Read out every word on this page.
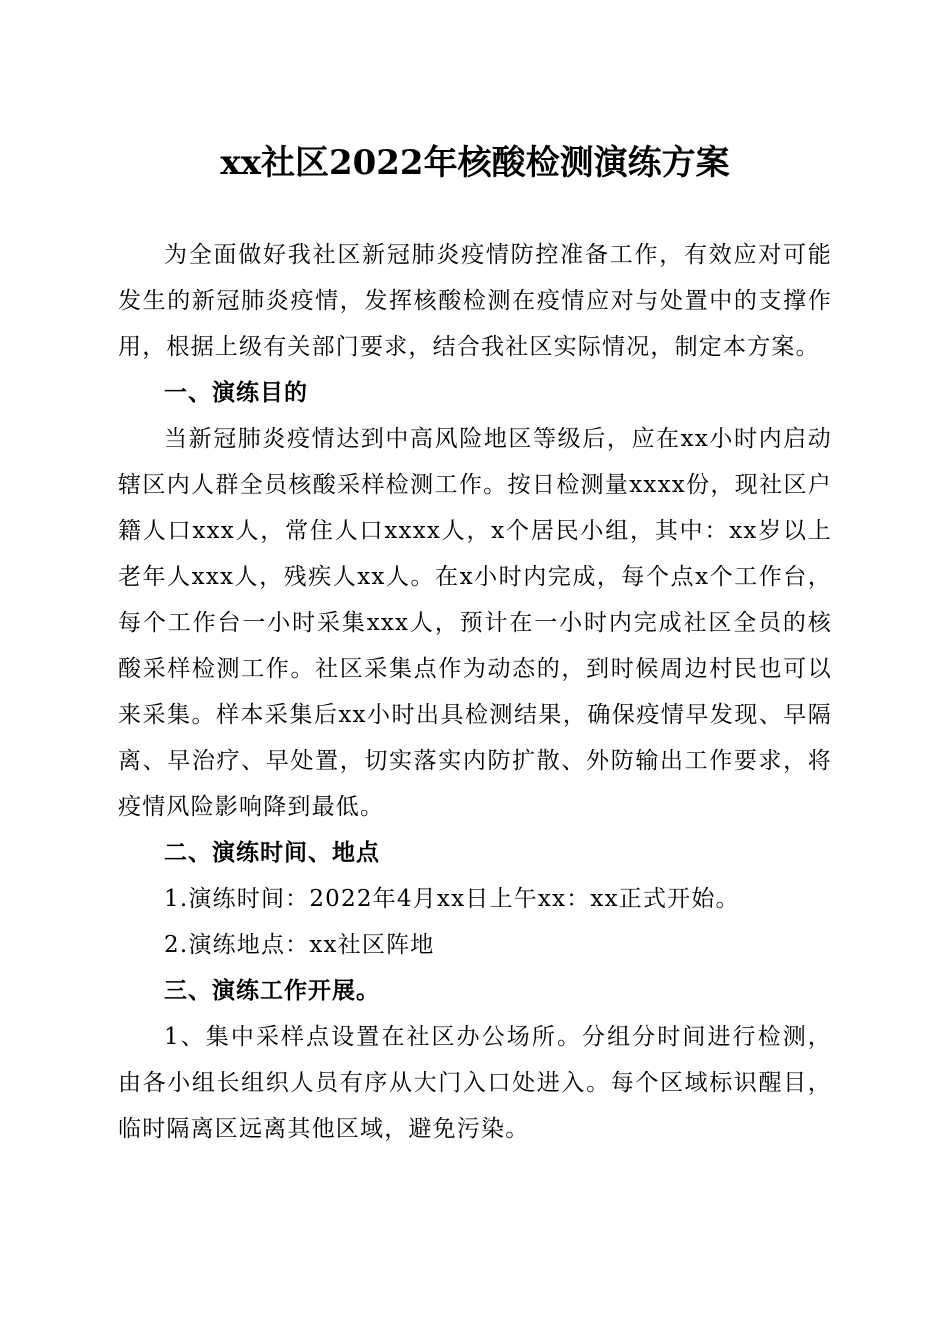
xx社区2022年核酸检测演练方案

为全面做好我社区新冠肺炎疫情防控准备工作，有效应对可能发生的新冠肺炎疫情，发挥核酸检测在疫情应对与处置中的支撑作用，根据上级有关部门要求，结合我社区实际情况，制定本方案。

一、演练目的

当新冠肺炎疫情达到中高风险地区等级后，应在xx小时内启动辖区内人群全员核酸采样检测工作。按日检测量xxxx份，现社区户籍人口xxx人，常住人口xxxx人，x个居民小组，其中：xx岁以上老年人xxx人，残疾人xx人。在x小时内完成，每个点x个工作台，每个工作台一小时采集xxx人，预计在一小时内完成社区全员的核酸采样检测工作。社区采集点作为动态的，到时候周边村民也可以来采集。样本采集后xx小时出具检测结果，确保疫情早发现、早隔离、早治疗、早处置，切实落实内防扩散、外防输出工作要求，将疫情风险影响降到最低。

二、演练时间、地点

1.演练时间：2022年4月xx日上午xx：xx正式开始。

2.演练地点：xx社区阵地

三、演练工作开展。

1、集中采样点设置在社区办公场所。分组分时间进行检测，由各小组长组织人员有序从大门入口处进入。每个区域标识醒目，临时隔离区远离其他区域，避免污染。
